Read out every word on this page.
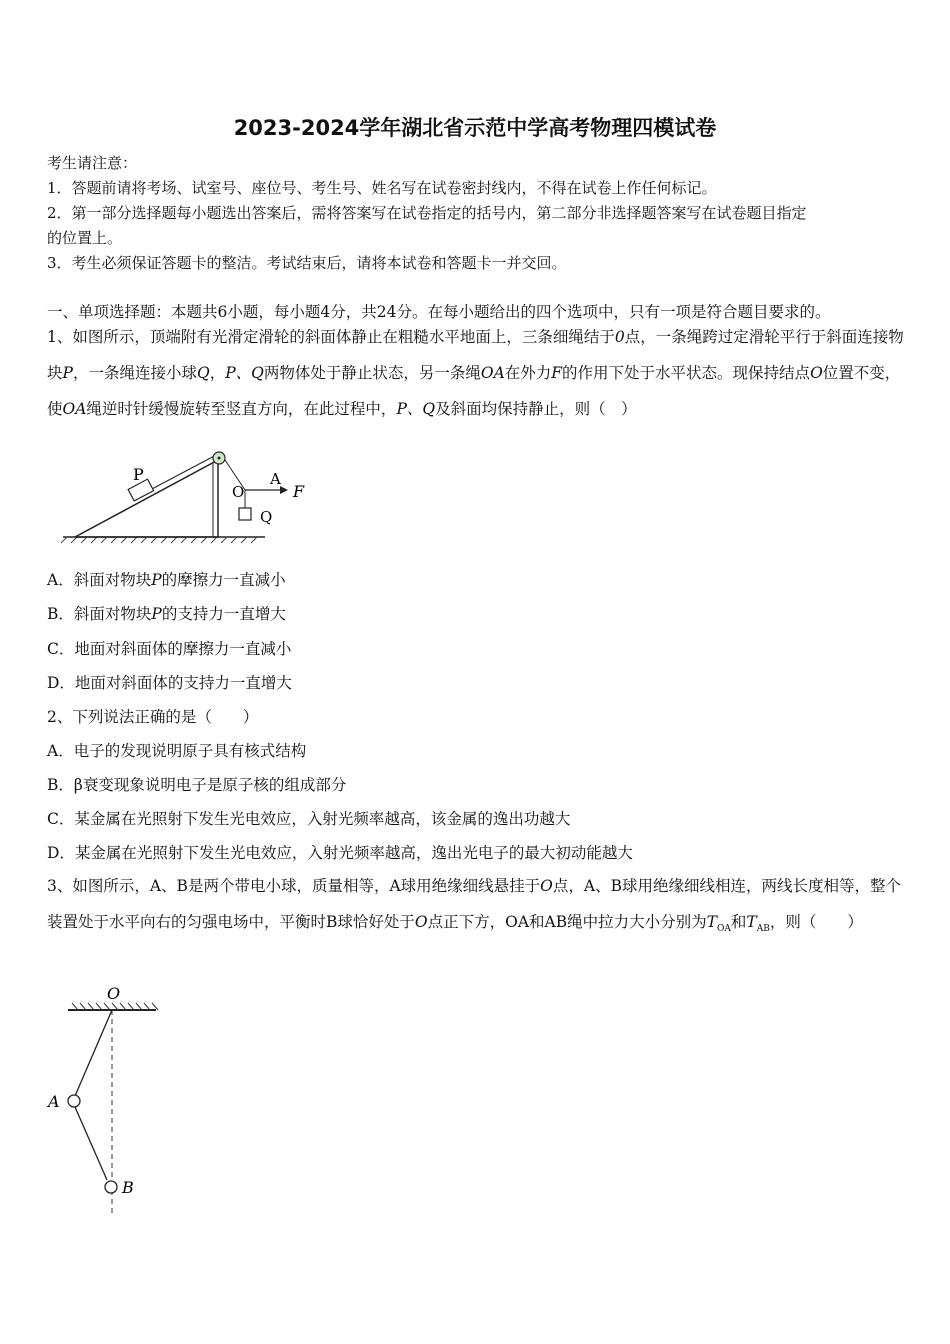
2023-2024学年湖北省示范中学高考物理四模试卷
考生请注意：
1．答题前请将考场、试室号、座位号、考生号、姓名写在试卷密封线内，不得在试卷上作任何标记。
2．第一部分选择题每小题选出答案后，需将答案写在试卷指定的括号内，第二部分非选择题答案写在试卷题目指定
的位置上。
3．考生必须保证答题卡的整洁。考试结束后，请将本试卷和答题卡一并交回。
一、单项选择题：本题共6小题，每小题4分，共24分。在每小题给出的四个选项中，只有一项是符合题目要求的。
1、如图所示，顶端附有光滑定滑轮的斜面体静止在粗糙水平地面上，三条细绳结于0点，一条绳跨过定滑轮平行于斜面连接物块P，一条绳连接小球Q，P、Q两物体处于静止状态，另一条绳OA在外力F的作用下处于水平状态。现保持结点O位置不变，使OA绳逆时针缓慢旋转至竖直方向，在此过程中，P、Q及斜面均保持静止，则（　）
P	A
O	F
Q
A．斜面对物块P的摩擦力一直减小
B．斜面对物块P的支持力一直增大
C．地面对斜面体的摩擦力一直减小
D．地面对斜面体的支持力一直增大
2、下列说法正确的是（　　）
A．电子的发现说明原子具有核式结构
B．β衰变现象说明电子是原子核的组成部分
C．某金属在光照射下发生光电效应，入射光频率越高，该金属的逸出功越大
D．某金属在光照射下发生光电效应，入射光频率越高，逸出光电子的最大初动能越大
3、如图所示，A、B是两个带电小球，质量相等，A球用绝缘细线悬挂于O点，A、B球用绝缘细线相连，两线长度相等，整个装置处于水平向右的匀强电场中，平衡时B球恰好处于O点正下方，OA和AB绳中拉力大小分别为$T_{OA}$和$T_{AB}$，则（　　）
O
A
B
